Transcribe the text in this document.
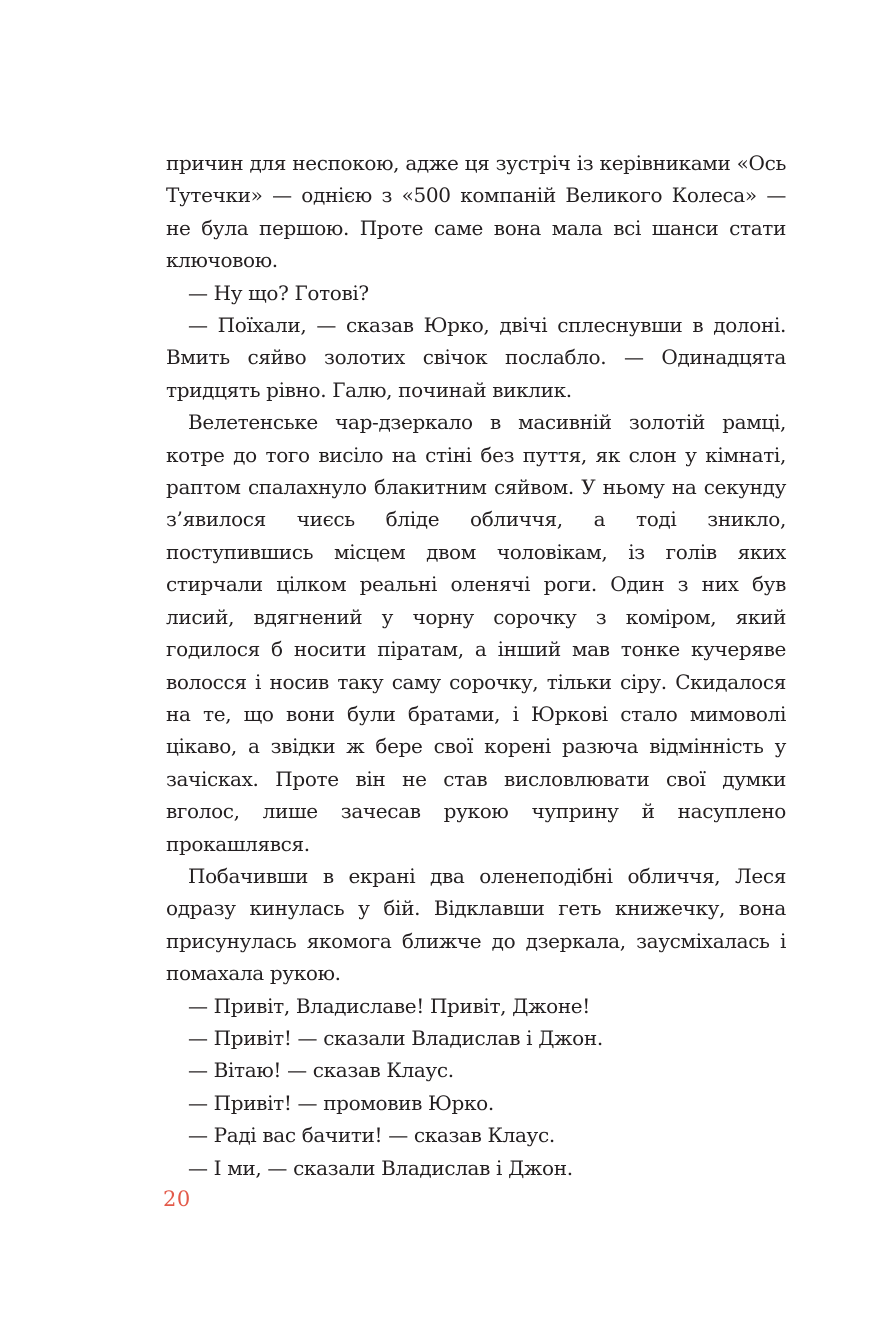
причин для неспокою, адже ця зустріч із керівниками «Ось Тутечки» — однією з «500 компаній Великого Колеса» — не була першою. Проте саме вона мала всі шанси стати ключовою.

— Ну що? Готові?

— Поїхали, — сказав Юрко, двічі сплеснувши в долоні. Вмить сяйво золотих свічок послабло. — Одинадцята тридцять рівно. Галю, починай виклик.

Велетенське чар-дзеркало в масивній золотій рамці, котре до того висіло на стіні без пуття, як слон у кімнаті, раптом спалахнуло блакитним сяйвом. У ньому на секунду з’явилося чиєсь бліде обличчя, а тоді зникло, поступившись місцем двом чоловікам, із голів яких стирчали цілком реальні оленячі роги. Один з них був лисий, вдягнений у чорну сорочку з коміром, який годилося б носити піратам, а інший мав тонке кучеряве волосся і носив таку саму сорочку, тільки сіру. Скидалося на те, що вони були братами, і Юркові стало мимоволі цікаво, а звідки ж бере свої корені разюча відмінність у зачісках. Проте він не став висловлювати свої думки вголос, лише зачесав рукою чуприну й насуплено прокашлявся.

Побачивши в екрані два оленеподібні обличчя, Леся одразу кинулась у бій. Відклавши геть книжечку, вона присунулась якомога ближче до дзеркала, заусміхалась і помахала рукою.

— Привіт, Владиславе! Привіт, Джоне!

— Привіт! — сказали Владислав і Джон.

— Вітаю! — сказав Клаус.

— Привіт! — промовив Юрко.

— Раді вас бачити! — сказав Клаус.

— І ми, — сказали Владислав і Джон.

20
